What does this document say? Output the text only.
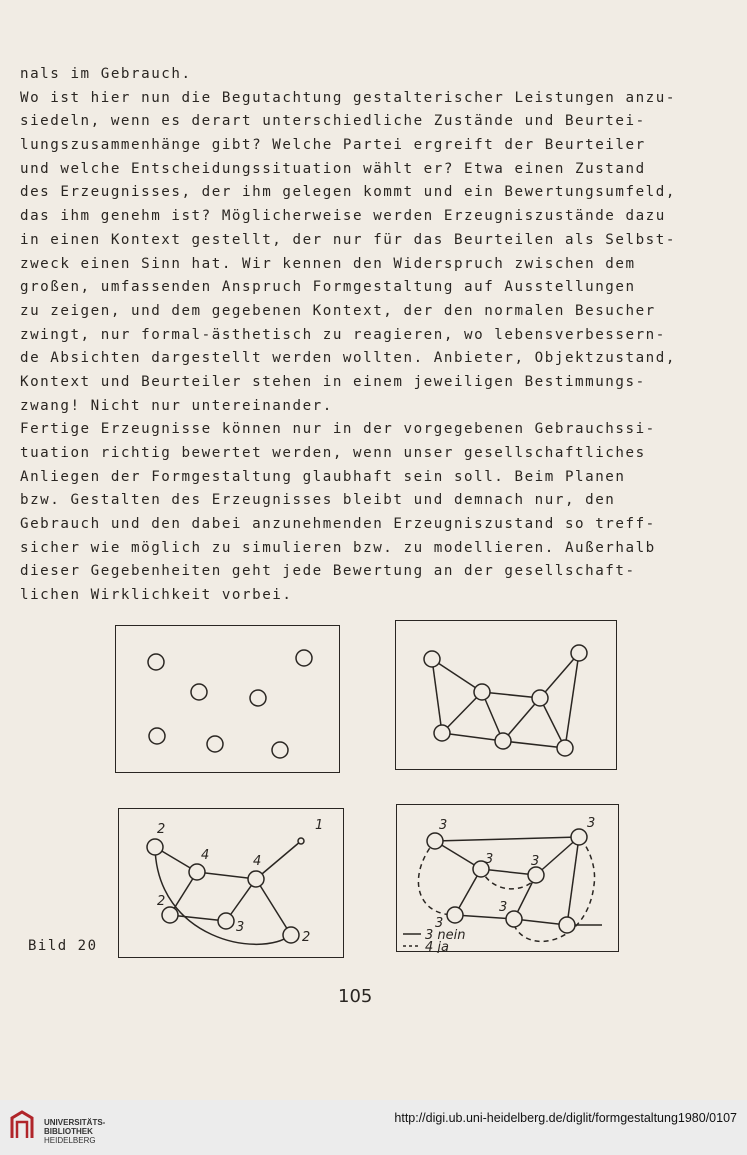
nals im Gebrauch.
Wo ist hier nun die Begutachtung gestalterischer Leistungen anzu-
siedeln, wenn es derart unterschiedliche Zustände und Beurtei-
lungszusammenhänge gibt? Welche Partei ergreift der Beurteiler
und welche Entscheidungssituation wählt er? Etwa einen Zustand
des Erzeugnisses, der ihm gelegen kommt und ein Bewertungsumfeld,
das ihm genehm ist? Möglicherweise werden Erzeugniszustände dazu
in einen Kontext gestellt, der nur für das Beurteilen als Selbst-
zweck einen Sinn hat. Wir kennen den Widerspruch zwischen dem
großen, umfassenden Anspruch Formgestaltung auf Ausstellungen
zu zeigen, und dem gegebenen Kontext, der den normalen Besucher
zwingt, nur formal-ästhetisch zu reagieren, wo lebensverbessern-
de Absichten dargestellt werden wollten. Anbieter, Objektzustand,
Kontext und Beurteiler stehen in einem jeweiligen Bestimmungs-
zwang! Nicht nur untereinander.
Fertige Erzeugnisse können nur in der vorgegebenen Gebrauchssi-
tuation richtig bewertet werden, wenn unser gesellschaftliches
Anliegen der Formgestaltung glaubhaft sein soll. Beim Planen
bzw. Gestalten des Erzeugnisses bleibt und demnach nur, den
Gebrauch und den dabei anzunehmenden Erzeugniszustand so treff-
sicher wie möglich zu simulieren bzw. zu modellieren. Außerhalb
dieser Gegebenheiten geht jede Bewertung an der gesellschaft-
lichen Wirklichkeit vorbei.
2	1
4	4
2
3
2
3	3
3	3
3
3
3 nein
4 ja
Bild 20
105
UNIVERSITÄTS-
BIBLIOTHEK
HEIDELBERG
http://digi.ub.uni-heidelberg.de/diglit/formgestaltung1980/0107
